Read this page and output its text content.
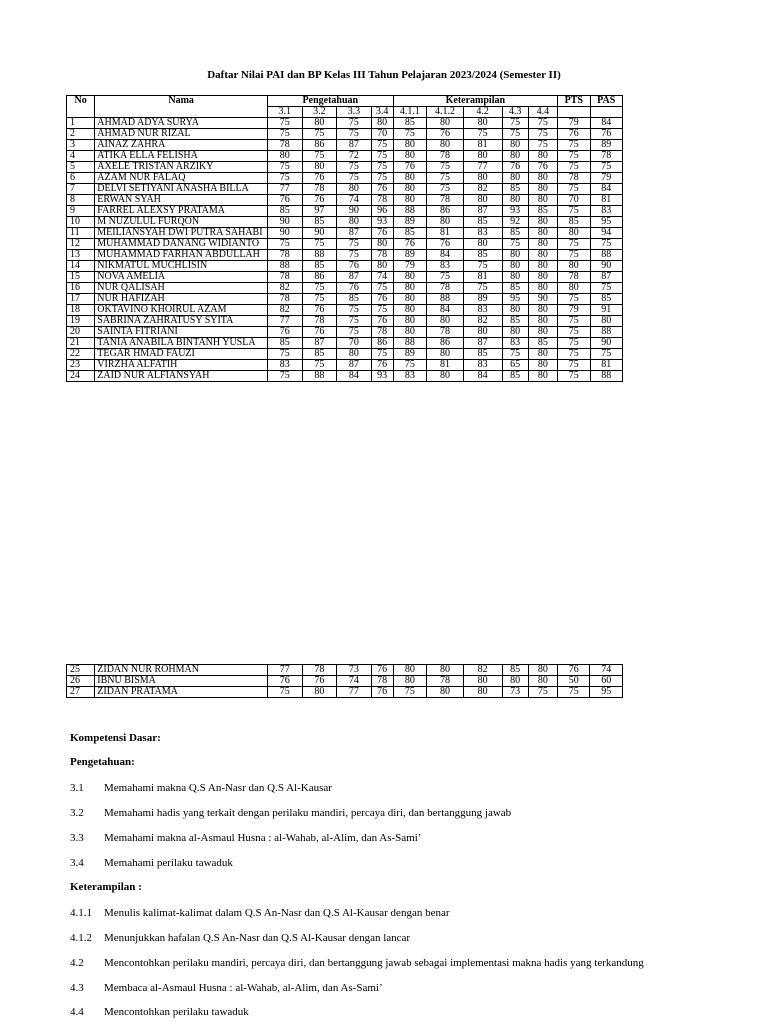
Daftar Nilai PAI dan BP Kelas III Tahun Pelajaran 2023/2024 (Semester II)
No	Nama	Pengetahuan				Keterampilan					PTS	PAS
		3.1	3.2	3.3	3.4	4.1.1	4.1.2	4.2	4.3	4.4		
1	AHMAD ADYA SURYA	75	80	75	80	85	80	80	75	75	79	84
2	AHMAD NUR RIZAL	75	75	75	70	75	76	75	75	75	76	76
3	AINAZ ZAHRA	78	86	87	75	80	80	81	80	75	75	89
4	ATIKA ELLA FELISHA	80	75	72	75	80	78	80	80	80	75	78
5	AXELE TRISTAN ARZIKY	75	80	75	75	76	75	77	76	76	75	75
6	AZAM NUR FALAQ	75	76	75	75	80	75	80	80	80	78	79
7	DELVI SETIYANI ANASHA BILLA	77	78	80	76	80	75	82	85	80	75	84
8	ERWAN SYAH	76	76	74	78	80	78	80	80	80	70	81
9	FARREL ALEXSY PRATAMA	85	97	90	96	88	86	87	93	85	75	83
10	M NUZULUL FURQON	90	85	80	93	89	80	85	92	80	85	95
11	MEILIANSYAH DWI PUTRA SAHABI	90	90	87	76	85	81	83	85	80	80	94
12	MUHAMMAD DANANG WIDIANTO	75	75	75	80	76	76	80	75	80	75	75
13	MUHAMMAD FARHAN ABDULLAH	78	88	75	78	89	84	85	80	80	75	88
14	NIKMATUL MUCHLISIN	88	85	76	80	79	83	75	80	80	80	90
15	NOVA AMELIA	78	86	87	74	80	75	81	80	80	78	87
16	NUR QALISAH	82	75	76	75	80	78	75	85	80	80	75
17	NUR HAFIZAH	78	75	85	76	80	88	89	95	90	75	85
18	OKTAVINO KHOIRUL AZAM	82	76	75	75	80	84	83	80	80	79	91
19	SABRINA ZAHRATUSY SYITA	77	78	75	76	80	80	82	85	80	75	80
20	SAINTA FITRIANI	76	76	75	78	80	78	80	80	80	75	88
21	TANIA ANABILA BINTANH YUSLA	85	87	70	86	88	86	87	83	85	75	90
22	TEGAR HMAD FAUZI	75	85	80	75	89	80	85	75	80	75	75
23	VIRZHA ALFATIH	83	75	87	76	75	81	83	65	80	75	81
24	ZAID NUR ALFIANSYAH	75	88	84	93	83	80	84	85	80	75	88
25	ZIDAN NUR ROHMAN	77	78	73	76	80	80	82	85	80	76	74
26	IBNU BISMA	76	76	74	78	80	78	80	80	80	50	60
27	ZIDAN PRATAMA	75	80	77	76	75	80	80	73	75	75	95
Kompetensi Dasar:
Pengetahuan:
3.1 Memahami makna Q.S An-Nasr dan Q.S Al-Kausar
3.2 Memahami hadis yang terkait dengan perilaku mandiri, percaya diri, dan bertanggung jawab
3.3 Memahami makna al-Asmaul Husna : al-Wahab, al-Alim, dan As-Sami’
3.4 Memahami perilaku tawaduk
Keterampilan :
4.1.1 Menulis kalimat-kalimat dalam Q.S An-Nasr dan Q.S Al-Kausar dengan benar
4.1.2 Menunjukkan hafalan Q.S An-Nasr dan Q.S Al-Kausar dengan lancar
4.2 Mencontohkan perilaku mandiri, percaya diri, dan bertanggung jawab sebagai implementasi makna hadis yang terkandung
4.3 Membaca al-Asmaul Husna : al-Wahab, al-Alim, dan As-Sami’
4.4 Mencontohkan perilaku tawaduk
